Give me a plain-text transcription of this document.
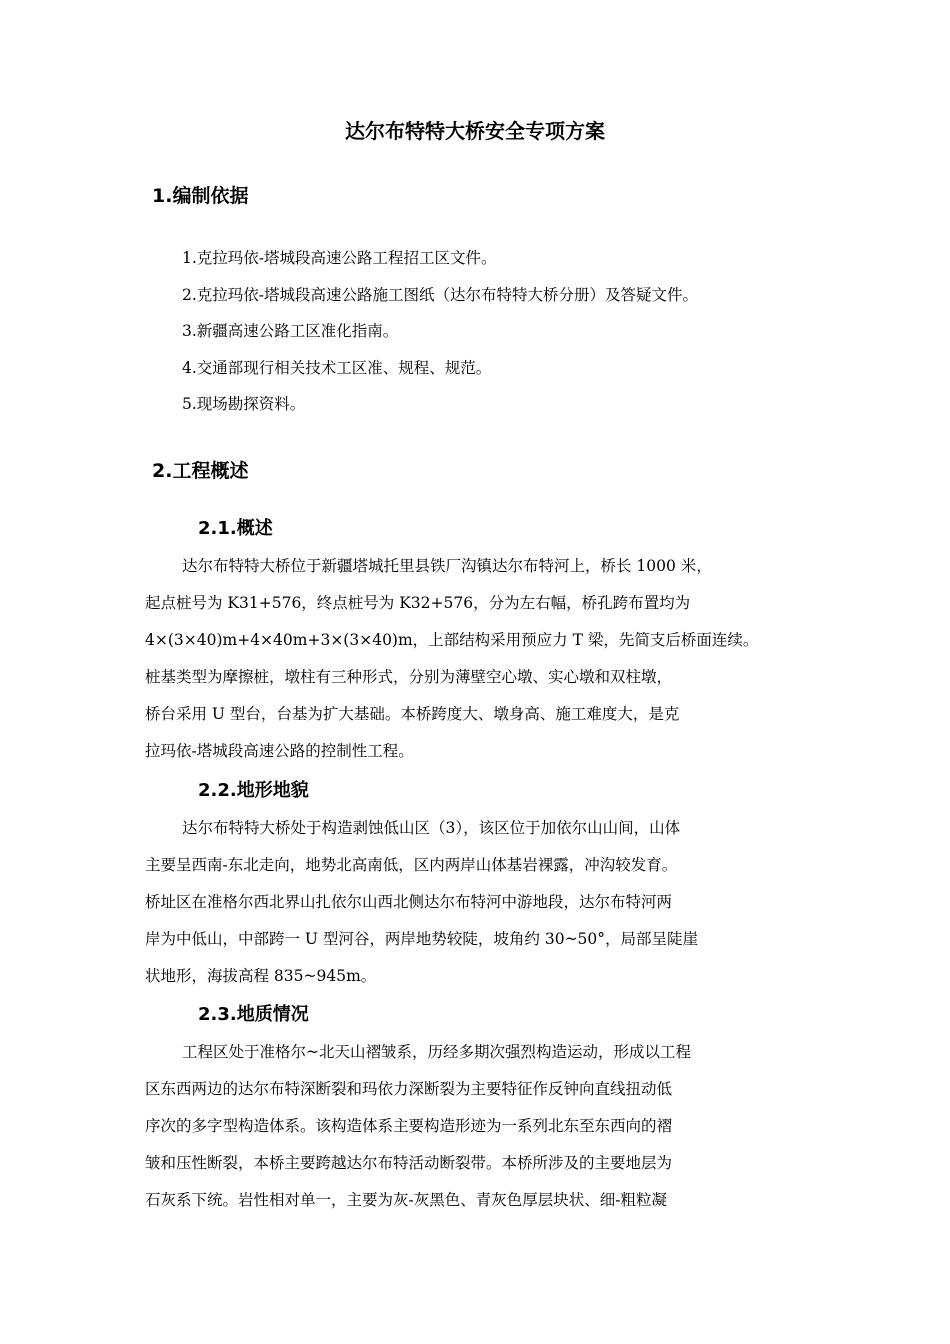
达尔布特特大桥安全专项方案
1.编制依据
1.克拉玛依-塔城段高速公路工程招工区文件。
2.克拉玛依-塔城段高速公路施工图纸（达尔布特特大桥分册）及答疑文件。
3.新疆高速公路工区准化指南。
4.交通部现行相关技术工区准、规程、规范。
5.现场勘探资料。
2.工程概述
2.1.概述
达尔布特特大桥位于新疆塔城托里县铁厂沟镇达尔布特河上，桥长 1000 米，
起点桩号为 K31+576，终点桩号为 K32+576，分为左右幅，桥孔跨布置均为
4×(3×40)m+4×40m+3×(3×40)m，上部结构采用预应力 T 梁，先简支后桥面连续。
桩基类型为摩擦桩，墩柱有三种形式，分别为薄壁空心墩、实心墩和双柱墩，
桥台采用 U 型台，台基为扩大基础。本桥跨度大、墩身高、施工难度大，是克
拉玛依-塔城段高速公路的控制性工程。
2.2.地形地貌
达尔布特特大桥处于构造剥蚀低山区（3），该区位于加依尔山山间，山体
主要呈西南-东北走向，地势北高南低，区内两岸山体基岩裸露，冲沟较发育。
桥址区在准格尔西北界山扎依尔山西北侧达尔布特河中游地段，达尔布特河两
岸为中低山，中部跨一 U 型河谷，两岸地势较陡，坡角约 30~50°，局部呈陡崖
状地形，海拔高程 835~945m。
2.3.地质情况
工程区处于准格尔~北天山褶皱系，历经多期次强烈构造运动，形成以工程
区东西两边的达尔布特深断裂和玛依力深断裂为主要特征作反钟向直线扭动低
序次的多字型构造体系。该构造体系主要构造形迹为一系列北东至东西向的褶
皱和压性断裂，本桥主要跨越达尔布特活动断裂带。本桥所涉及的主要地层为
石灰系下统。岩性相对单一，主要为灰-灰黑色、青灰色厚层块状、细-粗粒凝
